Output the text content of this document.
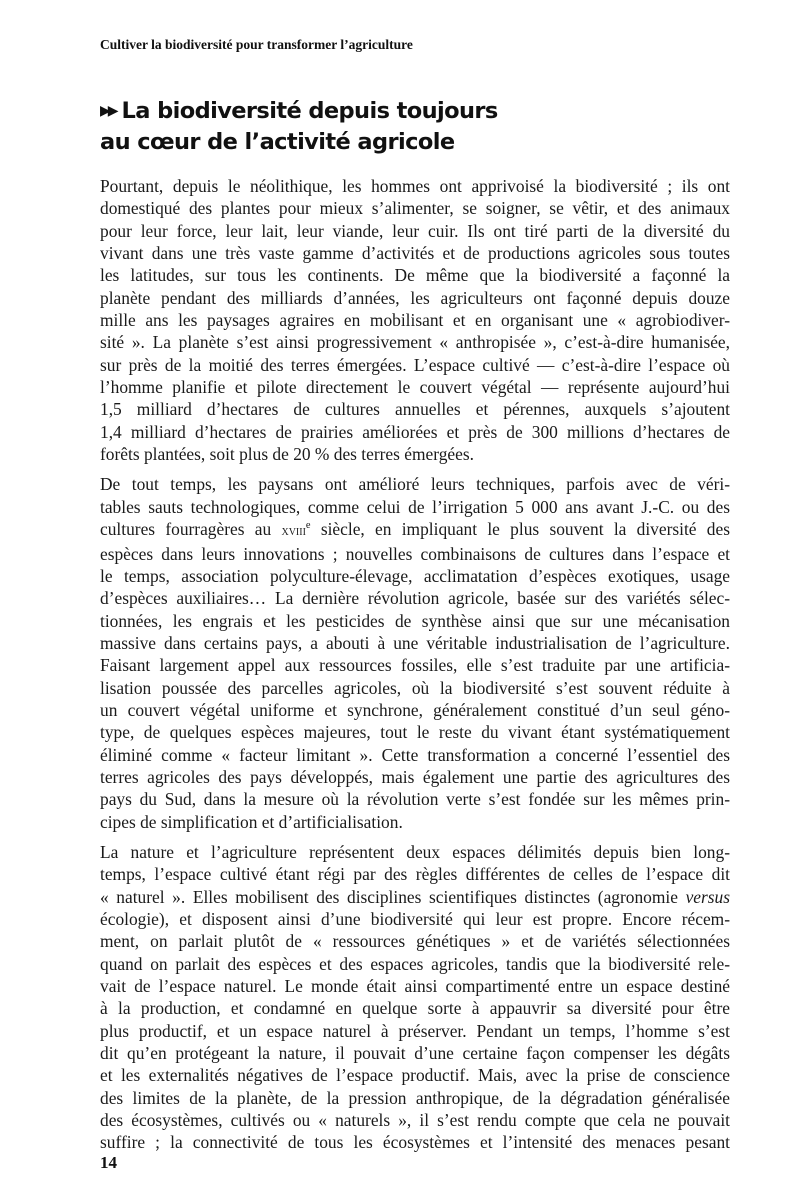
Cultiver la biodiversité pour transformer l’agriculture
▶▶ La biodiversité depuis toujours
au cœur de l’activité agricole
Pourtant, depuis le néolithique, les hommes ont apprivoisé la biodiversité ; ils ont
domestiqué des plantes pour mieux s’alimenter, se soigner, se vêtir, et des animaux
pour leur force, leur lait, leur viande, leur cuir. Ils ont tiré parti de la diversité du
vivant dans une très vaste gamme d’activités et de productions agricoles sous toutes
les latitudes, sur tous les continents. De même que la biodiversité a façonné la
planète pendant des milliards d’années, les agriculteurs ont façonné depuis douze
mille ans les paysages agraires en mobilisant et en organisant une « agrobiodiver-
sité ». La planète s’est ainsi progressivement « anthropisée », c’est-à-dire humanisée,
sur près de la moitié des terres émergées. L’espace cultivé — c’est-à-dire l’espace où
l’homme planifie et pilote directement le couvert végétal — représente aujourd’hui
1,5 milliard d’hectares de cultures annuelles et pérennes, auxquels s’ajoutent
1,4 milliard d’hectares de prairies améliorées et près de 300 millions d’hectares de
forêts plantées, soit plus de 20 % des terres émergées.
De tout temps, les paysans ont amélioré leurs techniques, parfois avec de véri-
tables sauts technologiques, comme celui de l’irrigation 5 000 ans avant J.-C. ou des
cultures fourragères au xviii$^e$ siècle, en impliquant le plus souvent la diversité des
espèces dans leurs innovations ; nouvelles combinaisons de cultures dans l’espace et
le temps, association polyculture-élevage, acclimatation d’espèces exotiques, usage
d’espèces auxiliaires… La dernière révolution agricole, basée sur des variétés sélec-
tionnées, les engrais et les pesticides de synthèse ainsi que sur une mécanisation
massive dans certains pays, a abouti à une véritable industrialisation de l’agriculture.
Faisant largement appel aux ressources fossiles, elle s’est traduite par une artificia-
lisation poussée des parcelles agricoles, où la biodiversité s’est souvent réduite à
un couvert végétal uniforme et synchrone, généralement constitué d’un seul géno-
type, de quelques espèces majeures, tout le reste du vivant étant systématiquement
éliminé comme « facteur limitant ». Cette transformation a concerné l’essentiel des
terres agricoles des pays développés, mais également une partie des agricultures des
pays du Sud, dans la mesure où la révolution verte s’est fondée sur les mêmes prin-
cipes de simplification et d’artificialisation.
La nature et l’agriculture représentent deux espaces délimités depuis bien long-
temps, l’espace cultivé étant régi par des règles différentes de celles de l’espace dit
« naturel ». Elles mobilisent des disciplines scientifiques distinctes (agronomie versus
écologie), et disposent ainsi d’une biodiversité qui leur est propre. Encore récem-
ment, on parlait plutôt de « ressources génétiques » et de variétés sélectionnées
quand on parlait des espèces et des espaces agricoles, tandis que la biodiversité rele-
vait de l’espace naturel. Le monde était ainsi compartimenté entre un espace destiné
à la production, et condamné en quelque sorte à appauvrir sa diversité pour être
plus productif, et un espace naturel à préserver. Pendant un temps, l’homme s’est
dit qu’en protégeant la nature, il pouvait d’une certaine façon compenser les dégâts
et les externalités négatives de l’espace productif. Mais, avec la prise de conscience
des limites de la planète, de la pression anthropique, de la dégradation généralisée
des écosystèmes, cultivés ou « naturels », il s’est rendu compte que cela ne pouvait
suffire ; la connectivité de tous les écosystèmes et l’intensité des menaces pesant
14
